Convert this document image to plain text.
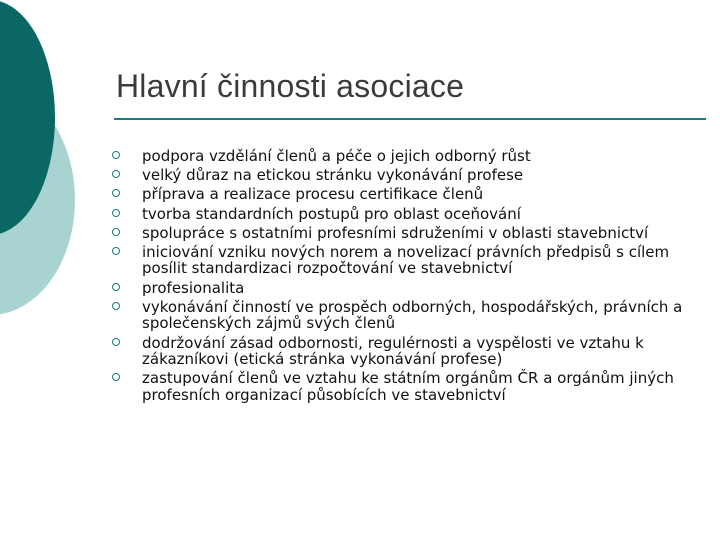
Hlavní činnosti asociace
podpora vzdělání členů a péče o jejich odborný růst
velký důraz na etickou stránku vykonávání profese
příprava a realizace procesu certifikace členů
tvorba standardních postupů pro oblast oceňování
spolupráce s ostatními profesními sdruženími v oblasti stavebnictví
iniciování vzniku nových norem a novelizací právních předpisů s cílem posílit standardizaci rozpočtování ve stavebnictví
profesionalita
vykonávání činností ve prospěch odborných, hospodářských, právních a společenských zájmů svých členů
dodržování zásad odbornosti, regulérnosti a vyspělosti ve vztahu k zákazníkovi (etická stránka vykonávání profese)
zastupování členů ve vztahu ke státním orgánům ČR a orgánům jiných profesních organizací působících ve stavebnictví
